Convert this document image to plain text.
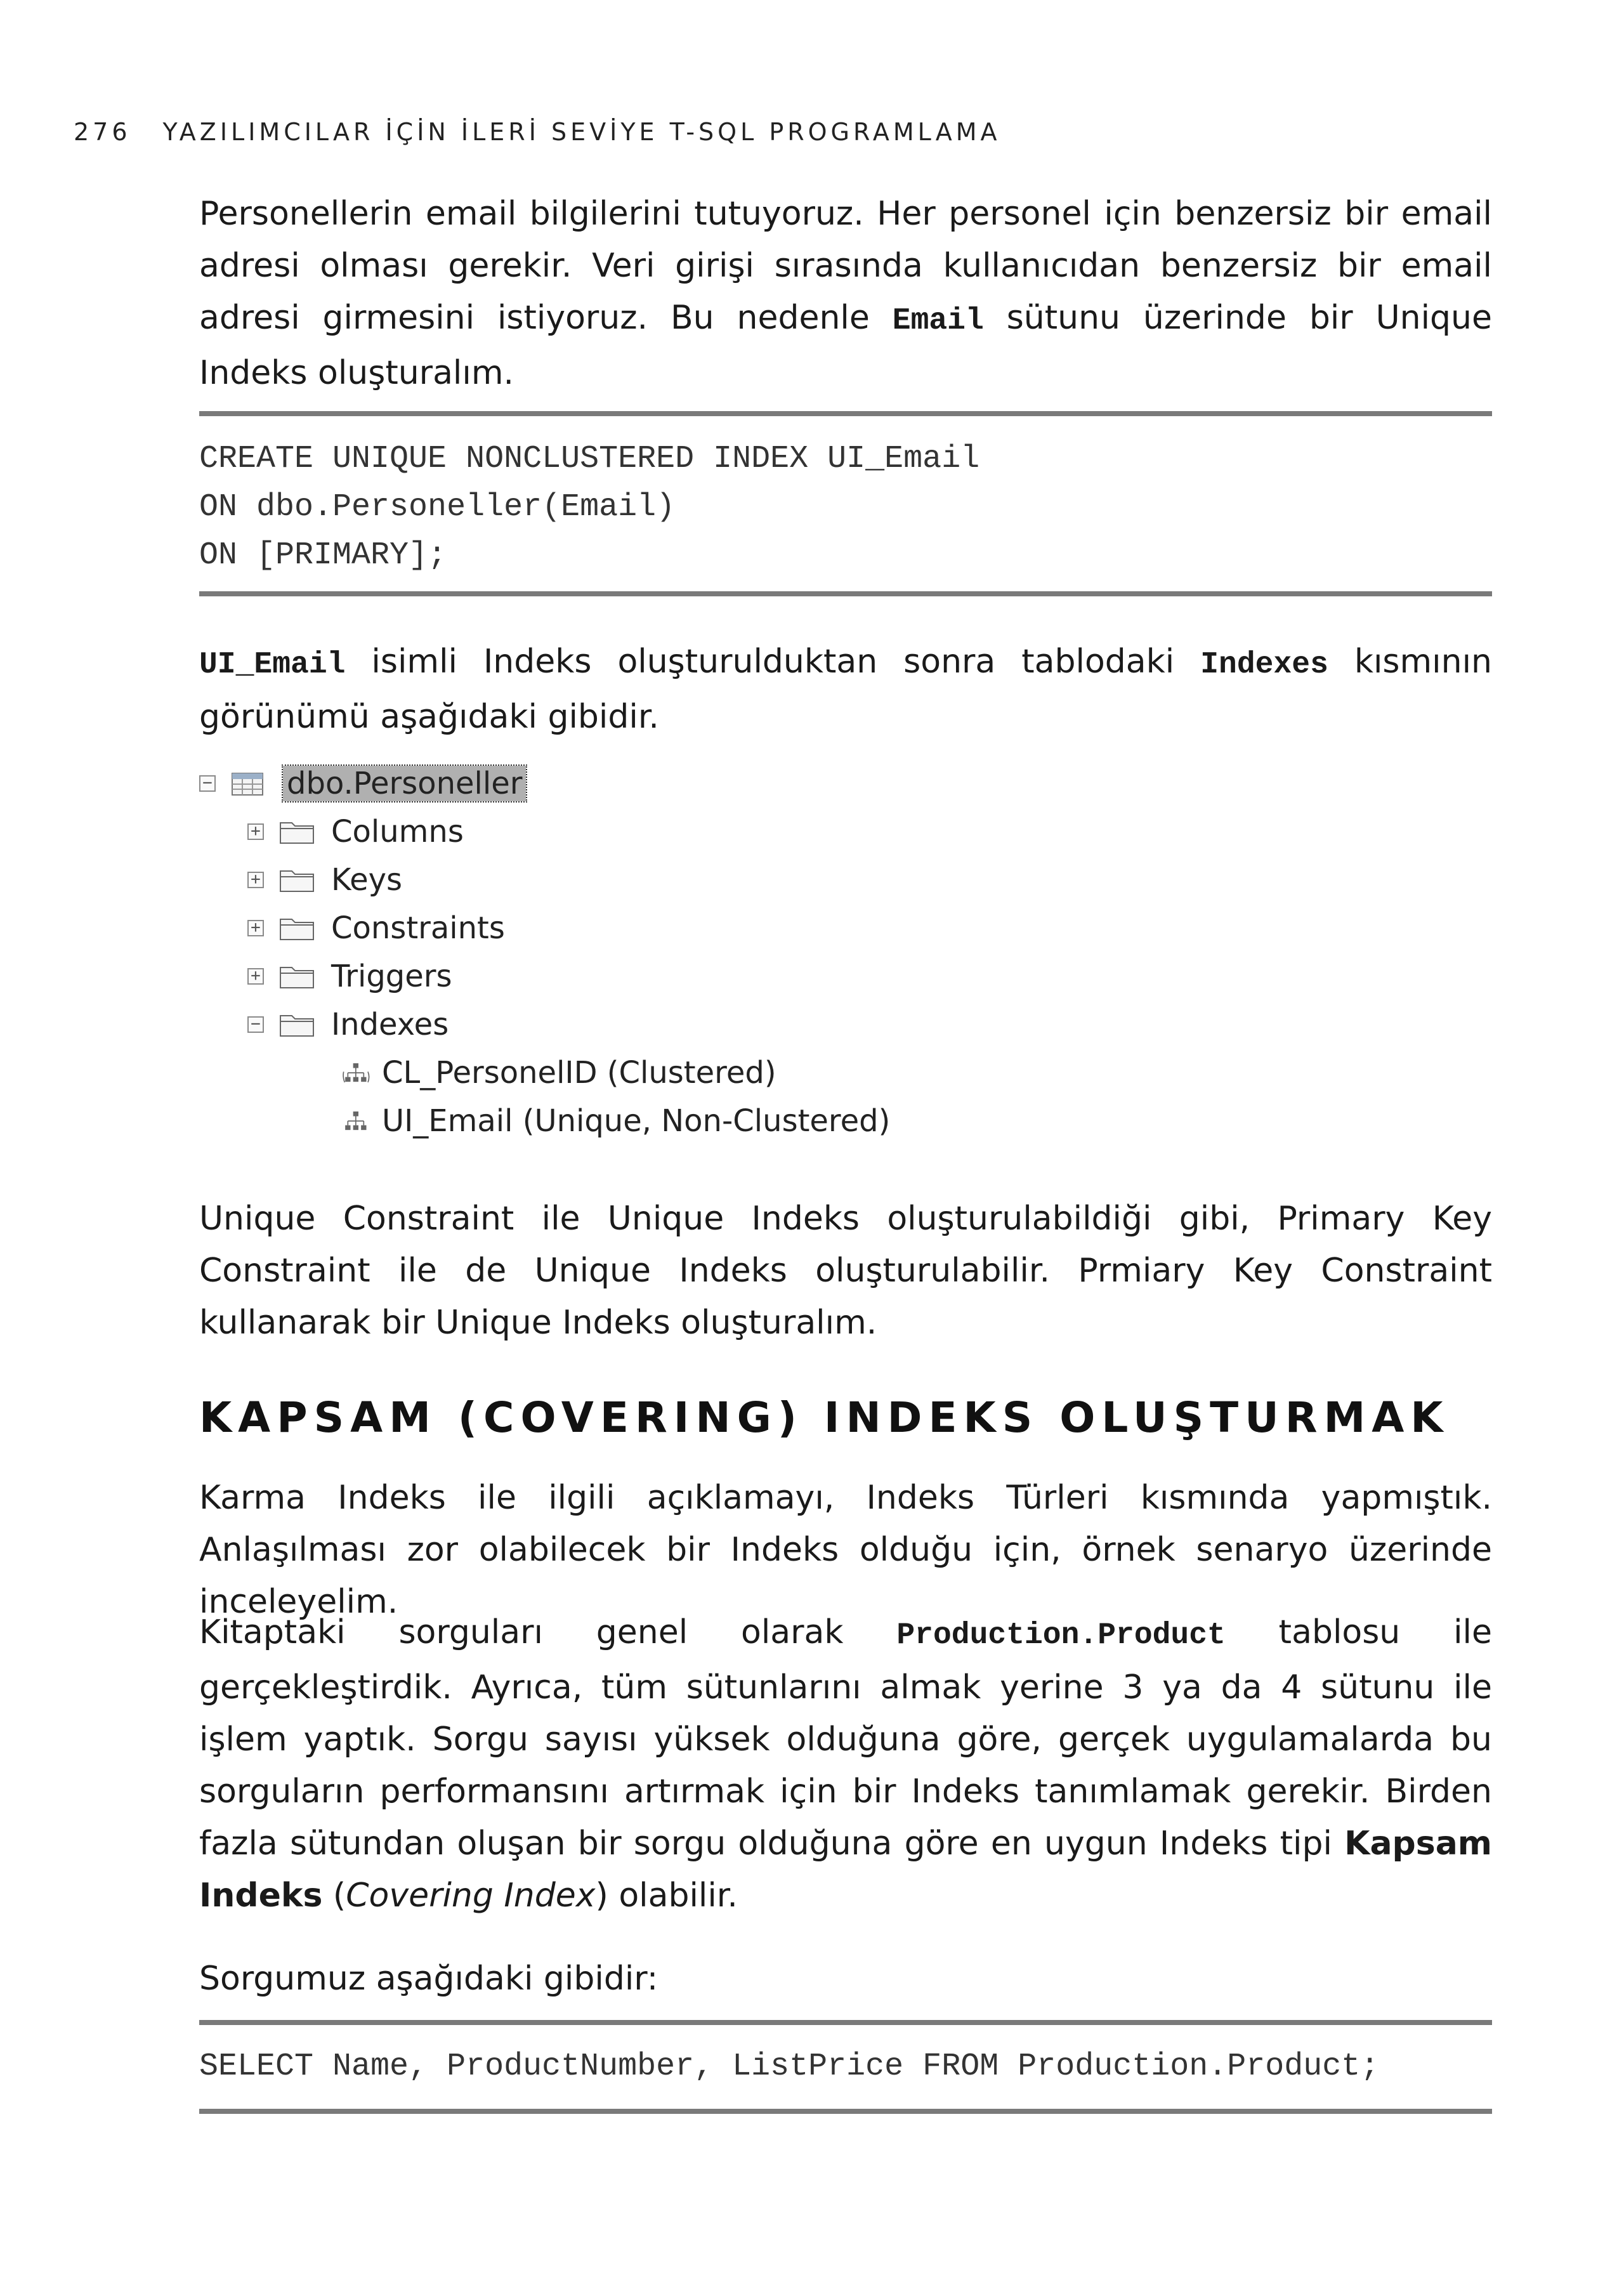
276 YAZILIMCILAR İÇİN İLERİ SEVİYE T-SQL PROGRAMLAMA

Personellerin email bilgilerini tutuyoruz. Her personel için benzersiz bir email adresi olması gerekir. Veri girişi sırasında kullanıcıdan benzersiz bir email adresi girmesini istiyoruz. Bu nedenle Email sütunu üzerinde bir Unique Indeks oluşturalım.

CREATE UNIQUE NONCLUSTERED INDEX UI_Email

ON dbo.Personeller(Email)

ON [PRIMARY];

UI_Email isimli Indeks oluşturulduktan sonra tablodaki Indexes kısmının görünümü aşağıdaki gibidir.

− dbo.Personeller
+ Columns
+ Keys
+ Constraints
+ Triggers
− Indexes
CL_PersonelID (Clustered)
UI_Email (Unique, Non-Clustered)

Unique Constraint ile Unique Indeks oluşturulabildiği gibi, Primary Key Constraint ile de Unique Indeks oluşturulabilir. Prmiary Key Constraint kullanarak bir Unique Indeks oluşturalım.

KAPSAM (COVERING) INDEKS OLUŞTURMAK

Karma Indeks ile ilgili açıklamayı, Indeks Türleri kısmında yapmıştık. Anlaşılması zor olabilecek bir Indeks olduğu için, örnek senaryo üzerinde inceleyelim.

Kitaptaki sorguları genel olarak Production.Product tablosu ile gerçekleştirdik. Ayrıca, tüm sütunlarını almak yerine 3 ya da 4 sütunu ile işlem yaptık. Sorgu sayısı yüksek olduğuna göre, gerçek uygulamalarda bu sorguların performansını artırmak için bir Indeks tanımlamak gerekir. Birden fazla sütundan oluşan bir sorgu olduğuna göre en uygun Indeks tipi Kapsam Indeks (Covering Index) olabilir.

Sorgumuz aşağıdaki gibidir:

SELECT Name, ProductNumber, ListPrice FROM Production.Product;
